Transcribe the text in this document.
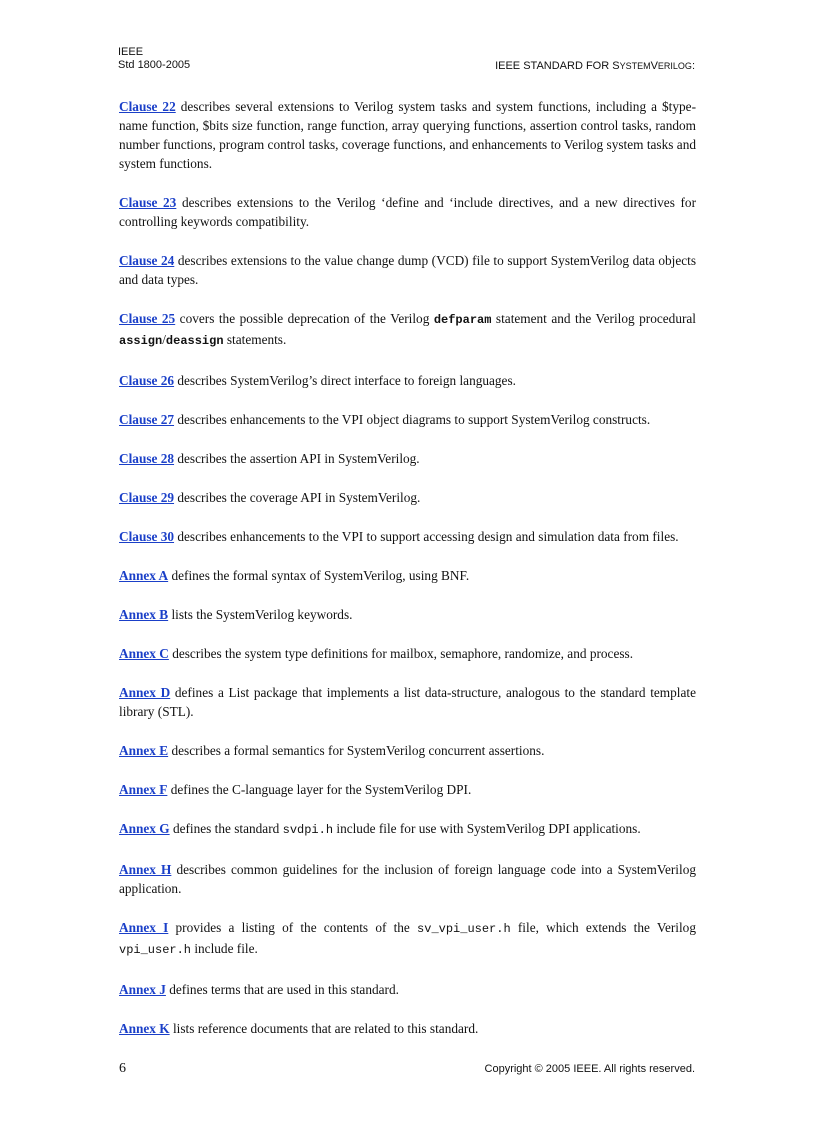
IEEE
Std 1800-2005	IEEE STANDARD FOR SYSTEMVERILOG:

Clause 22 describes several extensions to Verilog system tasks and system functions, including a $type-name function, $bits size function, range function, array querying functions, assertion control tasks, random number functions, program control tasks, coverage functions, and enhancements to Verilog system tasks and system functions.

Clause 23 describes extensions to the Verilog ‘define and ‘include directives, and a new directives for controlling keywords compatibility.

Clause 24 describes extensions to the value change dump (VCD) file to support SystemVerilog data objects and data types.

Clause 25 covers the possible deprecation of the Verilog defparam statement and the Verilog procedural assign/deassign statements.

Clause 26 describes SystemVerilog’s direct interface to foreign languages.

Clause 27 describes enhancements to the VPI object diagrams to support SystemVerilog constructs.

Clause 28 describes the assertion API in SystemVerilog.

Clause 29 describes the coverage API in SystemVerilog.

Clause 30 describes enhancements to the VPI to support accessing design and simulation data from files.

Annex A defines the formal syntax of SystemVerilog, using BNF.

Annex B lists the SystemVerilog keywords.

Annex C describes the system type definitions for mailbox, semaphore, randomize, and process.

Annex D defines a List package that implements a list data-structure, analogous to the standard template library (STL).

Annex E describes a formal semantics for SystemVerilog concurrent assertions.

Annex F defines the C-language layer for the SystemVerilog DPI.

Annex G defines the standard svdpi.h include file for use with SystemVerilog DPI applications.

Annex H describes common guidelines for the inclusion of foreign language code into a SystemVerilog application.

Annex I provides a listing of the contents of the sv_vpi_user.h file, which extends the Verilog vpi_user.h include file.

Annex J defines terms that are used in this standard.

Annex K lists reference documents that are related to this standard.

6	Copyright © 2005 IEEE. All rights reserved.
